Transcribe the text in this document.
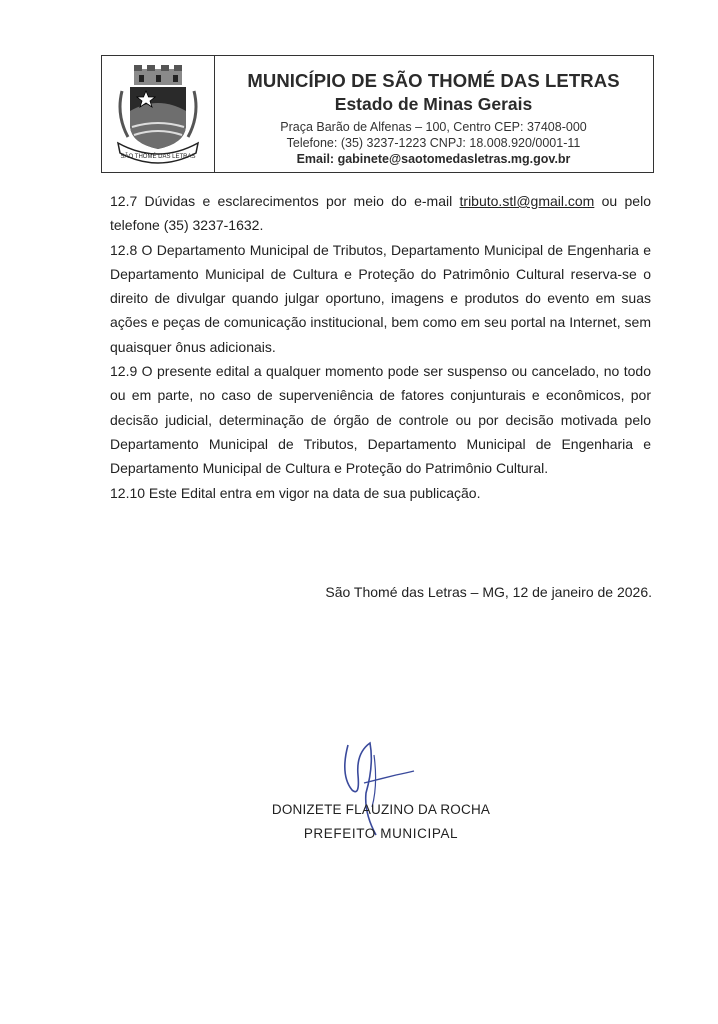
SÃO THOMÉ DAS LETRAS
MUNICÍPIO DE SÃO THOMÉ DAS LETRAS
Estado de Minas Gerais
Praça Barão de Alfenas – 100, Centro CEP: 37408-000
Telefone: (35) 3237-1223 CNPJ: 18.008.920/0001-11
Email: gabinete@saotomedasletras.mg.gov.br

12.7 Dúvidas e esclarecimentos por meio do e-mail tributo.stl@gmail.com ou pelo telefone (35) 3237-1632.

12.8 O Departamento Municipal de Tributos, Departamento Municipal de Engenharia e Departamento Municipal de Cultura e Proteção do Patrimônio Cultural reserva-se o direito de divulgar quando julgar oportuno, imagens e produtos do evento em suas ações e peças de comunicação institucional, bem como em seu portal na Internet, sem quaisquer ônus adicionais.

12.9 O presente edital a qualquer momento pode ser suspenso ou cancelado, no todo ou em parte, no caso de superveniência de fatores conjunturais e econômicos, por decisão judicial, determinação de órgão de controle ou por decisão motivada pelo Departamento Municipal de Tributos, Departamento Municipal de Engenharia e Departamento Municipal de Cultura e Proteção do Patrimônio Cultural.

12.10 Este Edital entra em vigor na data de sua publicação.

São Thomé das Letras – MG, 12 de janeiro de 2026.
DONIZETE FLAUZINO DA ROCHA
PREFEITO MUNICIPAL
